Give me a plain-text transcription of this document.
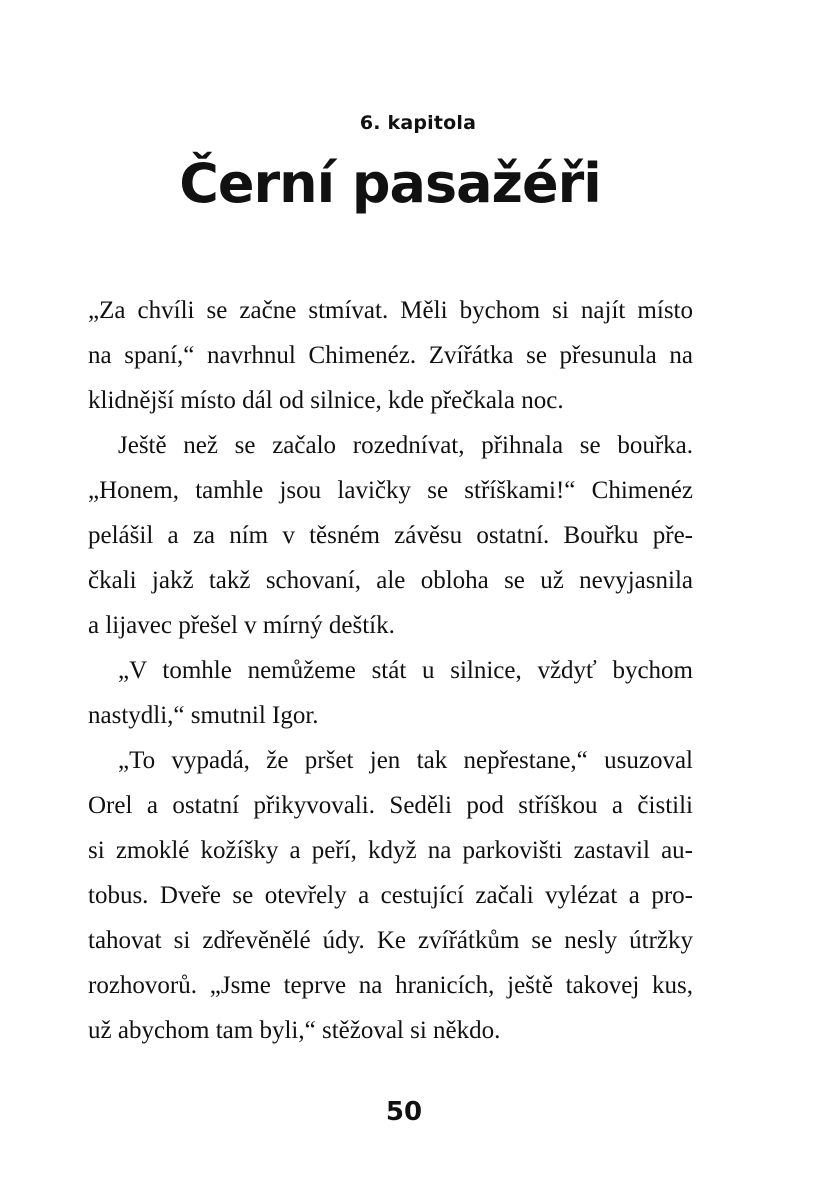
6. kapitola
Černí pasažéři
„Za chvíli se začne stmívat. Měli bychom si najít místo
na spaní,“ navrhnul Chimenéz. Zvířátka se přesunula na
klidnější místo dál od silnice, kde přečkala noc.
Ještě než se začalo rozednívat, přihnala se bouřka.
„Honem, tamhle jsou lavičky se stříškami!“ Chimenéz
pelášil a za ním v těsném závěsu ostatní. Bouřku pře-
čkali jakž takž schovaní, ale obloha se už nevyjasnila
a lijavec přešel v mírný deštík.
„V tomhle nemůžeme stát u silnice, vždyť bychom
nastydli,“ smutnil Igor.
„To vypadá, že pršet jen tak nepřestane,“ usuzoval
Orel a ostatní přikyvovali. Seděli pod stříškou a čistili
si zmoklé kožíšky a peří, když na parkovišti zastavil au-
tobus. Dveře se otevřely a cestující začali vylézat a pro-
tahovat si zdřevěnělé údy. Ke zvířátkům se nesly útržky
rozhovorů. „Jsme teprve na hranicích, ještě takovej kus,
už abychom tam byli,“ stěžoval si někdo.
50
